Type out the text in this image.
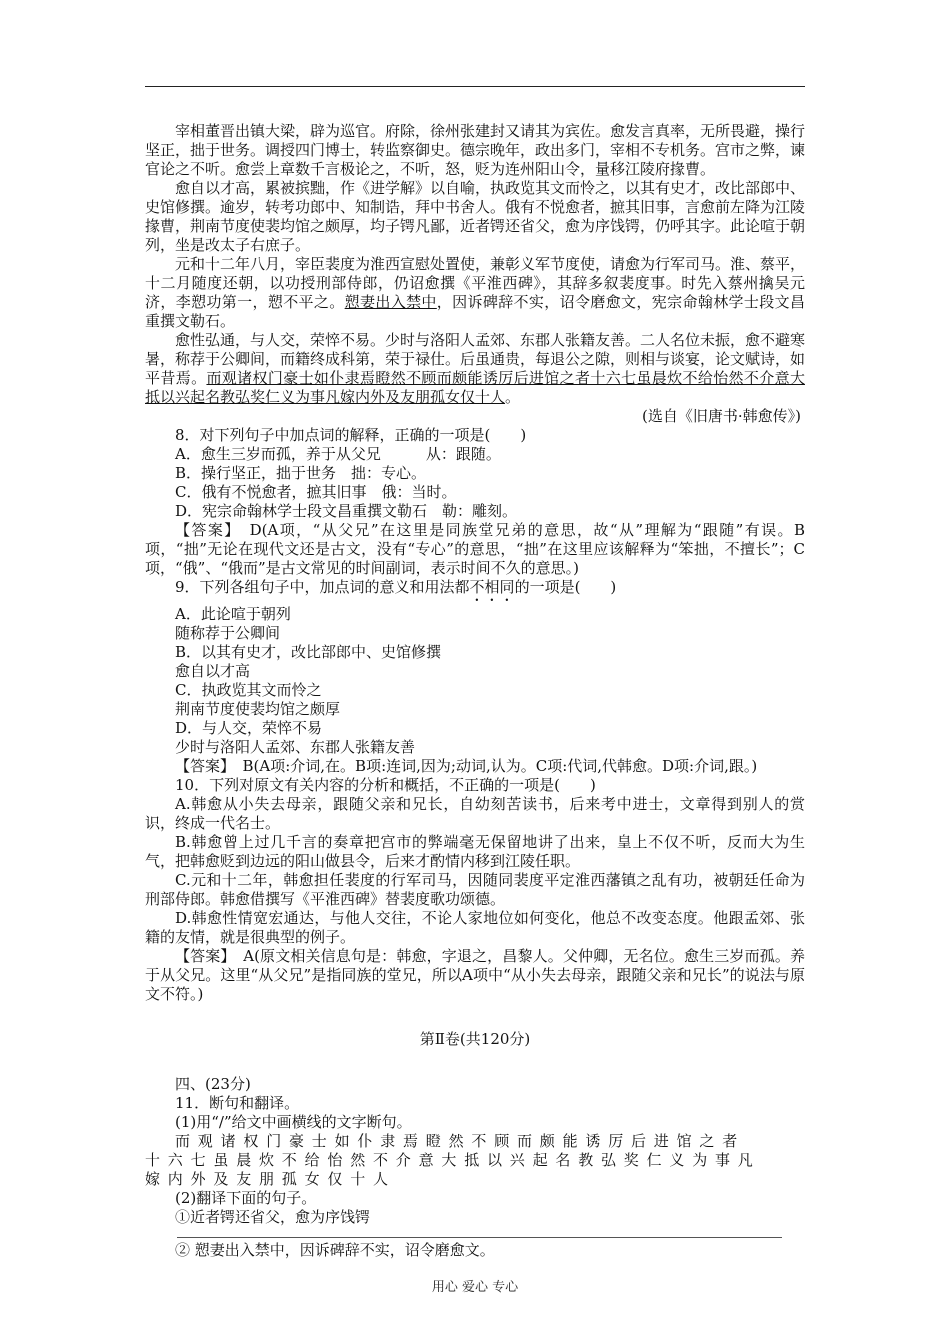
宰相董晋出镇大梁，辟为巡官。府除，徐州张建封又请其为宾佐。愈发言真率，无所畏避，操行坚正，拙于世务。调授四门博士，转监察御史。德宗晚年，政出多门，宰相不专机务。宫市之弊，谏官论之不听。愈尝上章数千言极论之，不听，怒，贬为连州阳山令，量移江陵府掾曹。

愈自以才高，累被摈黜，作《进学解》以自喻，执政览其文而怜之，以其有史才，改比部郎中、史馆修撰。逾岁，转考功郎中、知制诰，拜中书舍人。俄有不悦愈者，摭其旧事，言愈前左降为江陵掾曹，荆南节度使裴均馆之颇厚，均子锷凡鄙，近者锷还省父，愈为序饯锷，仍呼其字。此论喧于朝列，坐是改太子右庶子。

元和十二年八月，宰臣裴度为淮西宣慰处置使，兼彰义军节度使，请愈为行军司马。淮、蔡平，十二月随度还朝，以功授刑部侍郎，仍诏愈撰《平淮西碑》，其辞多叙裴度事。时先入蔡州擒吴元济，李愬功第一，愬不平之。愬妻出入禁中，因诉碑辞不实，诏令磨愈文，宪宗命翰林学士段文昌重撰文勒石。

愈性弘通，与人交，荣悴不易。少时与洛阳人孟郊、东郡人张籍友善。二人名位未振，愈不避寒暑，称荐于公卿间，而籍终成科第，荣于禄仕。后虽通贵，每退公之隙，则相与谈宴，论文赋诗，如平昔焉。而观诸权门豪士如仆隶焉瞪然不顾而颇能诱厉后进馆之者十六七虽晨炊不给怡然不介意大抵以兴起名教弘奖仁义为事凡嫁内外及友朋孤女仅十人。

(选自《旧唐书·韩愈传》)

8．对下列句子中加点词的解释，正确的一项是(　　)

A．愈生三岁而孤，养于从父兄　　　从：跟随。

B．操行坚正，拙于世务　拙：专心。

C．俄有不悦愈者，摭其旧事　俄：当时。

D．宪宗命翰林学士段文昌重撰文勒石　勒：雕刻。

【答案】　 D(A项，“从父兄”在这里是同族堂兄弟的意思，故“从”理解为“跟随”有误。B项，“拙”无论在现代文还是古文，没有“专心”的意思，“拙”在这里应该解释为“笨拙，不擅长”；C项，“俄”、“俄而”是古文常见的时间副词，表示时间不久的意思。)

9．下列各组句子中，加点词的意义和用法都不相同的一项是(　　)

A．此论喧于朝列

随称荐于公卿间

B．以其有史才，改比部郎中、史馆修撰

愈自以才高

C．执政览其文而怜之

荆南节度使裴均馆之颇厚

D．与人交，荣悴不易

少时与洛阳人孟郊、东郡人张籍友善

【答案】　 B(A项:介词,在。B项:连词,因为;动词,认为。C项:代词,代韩愈。D项:介词,跟。)

10．下列对原文有关内容的分析和概括，不正确的一项是(　　)

A.韩愈从小失去母亲，跟随父亲和兄长，自幼刻苦读书，后来考中进士，文章得到别人的赏识，终成一代名士。

B.韩愈曾上过几千言的奏章把宫市的弊端毫无保留地讲了出来，皇上不仅不听，反而大为生气，把韩愈贬到边远的阳山做县令，后来才酌情内移到江陵任职。

C.元和十二年，韩愈担任裴度的行军司马，因随同裴度平定淮西藩镇之乱有功，被朝廷任命为刑部侍郎。韩愈借撰写《平淮西碑》替裴度歌功颂德。

D.韩愈性情宽宏通达，与他人交往，不论人家地位如何变化，他总不改变态度。他跟孟郊、张籍的友情，就是很典型的例子。

【答案】　 A(原文相关信息句是：韩愈，字退之，昌黎人。父仲卿，无名位。愈生三岁而孤。养于从父兄。这里“从父兄”是指同族的堂兄，所以A项中“从小失去母亲，跟随父亲和兄长”的说法与原文不符。)

第Ⅱ卷(共120分)

四、(23分)

11．断句和翻译。

(1)用“/”给文中画横线的文字断句。

而观诸权门豪士如仆隶焉瞪然不顾而颇能诱厉后进馆之者

十六七虽晨炊不给怡然不介意大抵以兴起名教弘奖仁义为事凡

嫁内外及友朋孤女仅十人

(2)翻译下面的句子。

①近者锷还省父，愈为序饯锷

② 愬妻出入禁中，因诉碑辞不实，诏令磨愈文。

用心 爱心 专心
